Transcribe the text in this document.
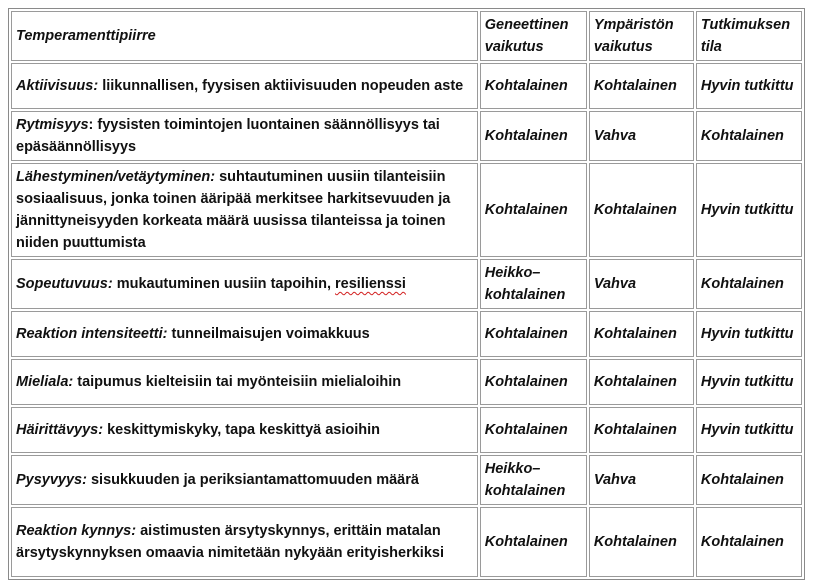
Temperamenttipiirre	Geneettinen vaikutus	Ympäristön vaikutus	Tutkimuksen tila
Aktiivisuus: liikunnallisen, fyysisen aktiivisuuden nopeuden aste	Kohtalainen	Kohtalainen	Hyvin tutkittu
Rytmisyys: fyysisten toimintojen luontainen säännöllisyys tai epäsäännöllisyys	Kohtalainen	Vahva	Kohtalainen
Lähestyminen/vetäytyminen: suhtautuminen uusiin tilanteisiin sosiaalisuus, jonka toinen ääripää merkitsee harkitsevuuden ja jännittyneisyyden korkeata määrä uusissa tilanteissa ja toinen niiden puuttumista	Kohtalainen	Kohtalainen	Hyvin tutkittu
Sopeutuvuus: mukautuminen uusiin tapoihin, resilienssi	Heikko–kohtalainen	Vahva	Kohtalainen
Reaktion intensiteetti: tunneilmaisujen voimakkuus	Kohtalainen	Kohtalainen	Hyvin tutkittu
Mieliala: taipumus kielteisiin tai myönteisiin mielialoihin	Kohtalainen	Kohtalainen	Hyvin tutkittu
Häirittävyys: keskittymiskyky, tapa keskittyä asioihin	Kohtalainen	Kohtalainen	Hyvin tutkittu
Pysyvyys: sisukkuuden ja periksiantamattomuuden määrä	Heikko–kohtalainen	Vahva	Kohtalainen
Reaktion kynnys: aistimusten ärsytyskynnys, erittäin matalan ärsytyskynnyksen omaavia nimitetään nykyään erityisherkiksi	Kohtalainen	Kohtalainen	Kohtalainen
